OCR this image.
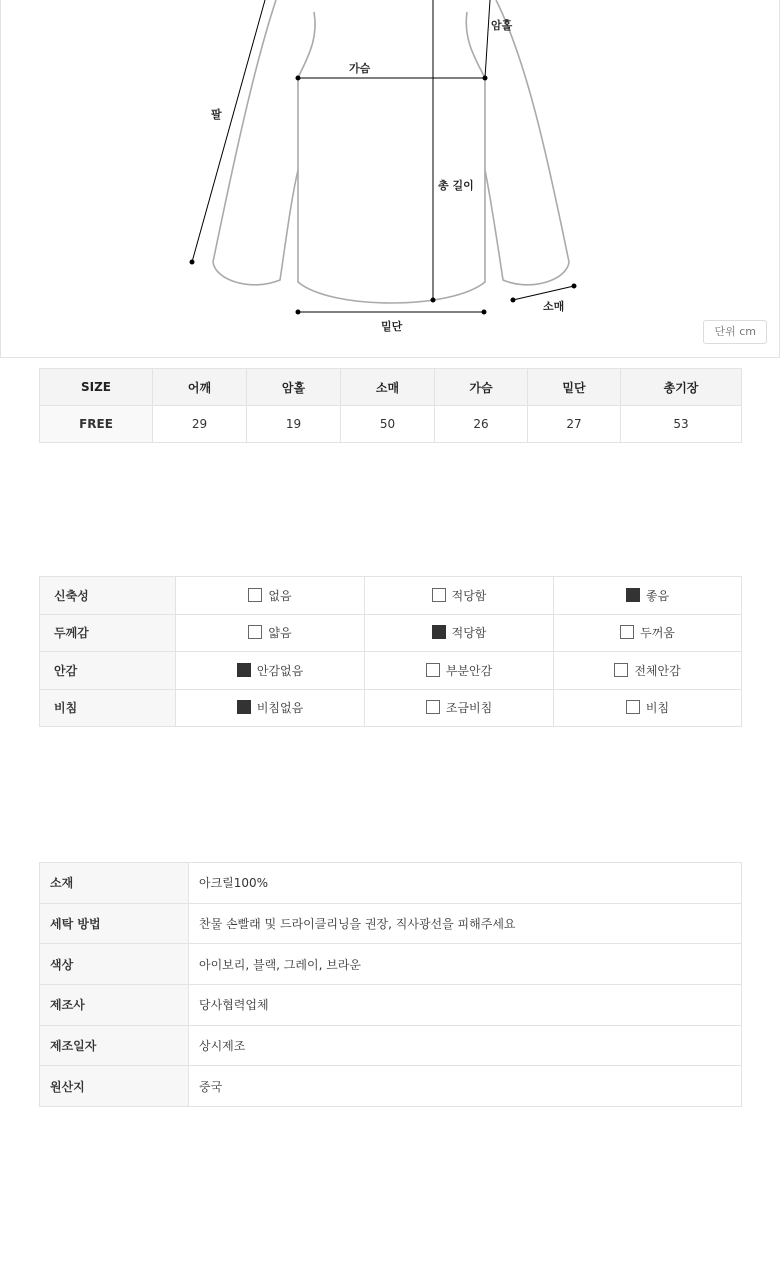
암홀
가슴
팔
총 길이
소매
밑단	단위 cm
SIZE	어깨	암홀	소매	가슴	밑단	총기장
FREE	29	19	50	26	27	53
신축성	없음	적당함	좋음
두께감	얇음	적당함	두꺼움
안감	안감없음	부분안감	전체안감
비침	비침없음	조금비침	비침
소재	아크릴100%
세탁 방법	찬물 손빨래 및 드라이클리닝을 권장, 직사광선을 피해주세요
색상	아이보리, 블랙, 그레이, 브라운
제조사	당사협력업체
제조일자	상시제조
원산지	중국
